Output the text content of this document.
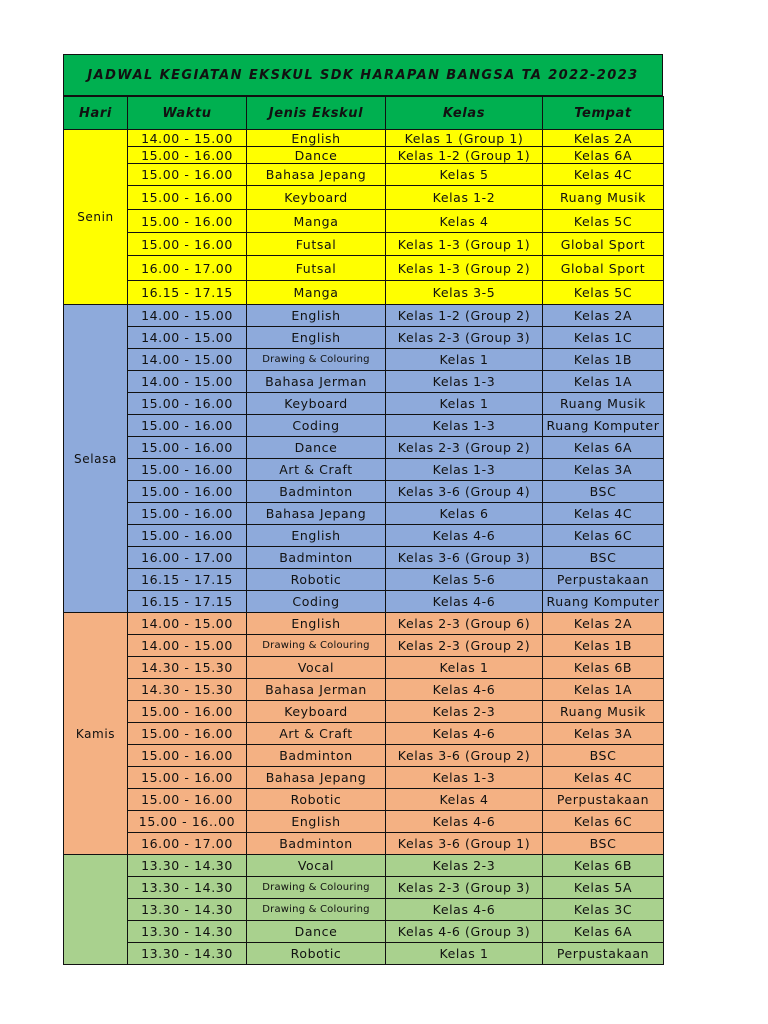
JADWAL KEGIATAN EKSKUL SDK HARAPAN BANGSA TA 2022-2023
Hari	Waktu	Jenis Ekskul	Kelas	Tempat
Senin	14.00 - 15.00	English	Kelas 1 (Group 1)	Kelas 2A
	15.00 - 16.00	Dance	Kelas 1-2 (Group 1)	Kelas 6A
	15.00 - 16.00	Bahasa Jepang	Kelas 5	Kelas 4C
	15.00 - 16.00	Keyboard	Kelas 1-2	Ruang Musik
	15.00 - 16.00	Manga	Kelas 4	Kelas 5C
	15.00 - 16.00	Futsal	Kelas 1-3 (Group 1)	Global Sport
	16.00 - 17.00	Futsal	Kelas 1-3 (Group 2)	Global Sport
	16.15 - 17.15	Manga	Kelas 3-5	Kelas 5C
Selasa	14.00 - 15.00	English	Kelas 1-2 (Group 2)	Kelas 2A
	14.00 - 15.00	English	Kelas 2-3 (Group 3)	Kelas 1C
	14.00 - 15.00	Drawing & Colouring	Kelas 1	Kelas 1B
	14.00 - 15.00	Bahasa Jerman	Kelas 1-3	Kelas 1A
	15.00 - 16.00	Keyboard	Kelas 1	Ruang Musik
	15.00 - 16.00	Coding	Kelas 1-3	Ruang Komputer
	15.00 - 16.00	Dance	Kelas 2-3 (Group 2)	Kelas 6A
	15.00 - 16.00	Art & Craft	Kelas 1-3	Kelas 3A
	15.00 - 16.00	Badminton	Kelas 3-6 (Group 4)	BSC
	15.00 - 16.00	Bahasa Jepang	Kelas 6	Kelas 4C
	15.00 - 16.00	English	Kelas 4-6	Kelas 6C
	16.00 - 17.00	Badminton	Kelas 3-6 (Group 3)	BSC
	16.15 - 17.15	Robotic	Kelas 5-6	Perpustakaan
	16.15 - 17.15	Coding	Kelas 4-6	Ruang Komputer
Kamis	14.00 - 15.00	English	Kelas 2-3 (Group 6)	Kelas 2A
	14.00 - 15.00	Drawing & Colouring	Kelas 2-3 (Group 2)	Kelas 1B
	14.30 - 15.30	Vocal	Kelas 1	Kelas 6B
	14.30 - 15.30	Bahasa Jerman	Kelas 4-6	Kelas 1A
	15.00 - 16.00	Keyboard	Kelas 2-3	Ruang Musik
	15.00 - 16.00	Art & Craft	Kelas 4-6	Kelas 3A
	15.00 - 16.00	Badminton	Kelas 3-6 (Group 2)	BSC
	15.00 - 16.00	Bahasa Jepang	Kelas 1-3	Kelas 4C
	15.00 - 16.00	Robotic	Kelas 4	Perpustakaan
	15.00 - 16..00	English	Kelas 4-6	Kelas 6C
	16.00 - 17.00	Badminton	Kelas 3-6 (Group 1)	BSC
	13.30 - 14.30	Vocal	Kelas 2-3	Kelas 6B
	13.30 - 14.30	Drawing & Colouring	Kelas 2-3 (Group 3)	Kelas 5A
	13.30 - 14.30	Drawing & Colouring	Kelas 4-6	Kelas 3C
	13.30 - 14.30	Dance	Kelas 4-6 (Group 3)	Kelas 6A
	13.30 - 14.30	Robotic	Kelas 1	Perpustakaan
